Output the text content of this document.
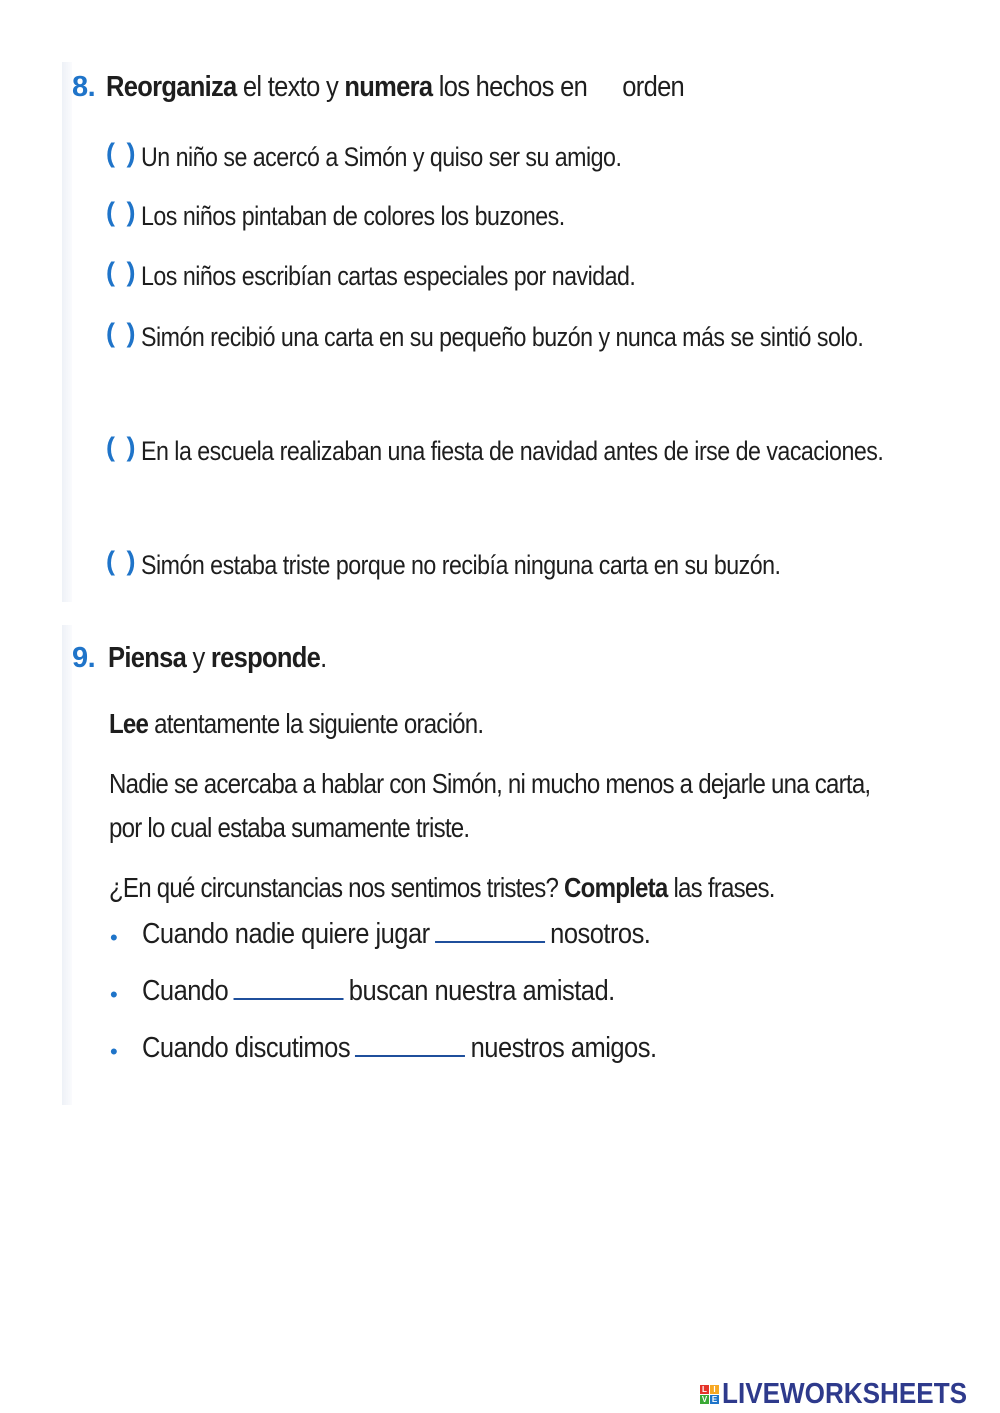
8. Reorganiza el texto y numera los hechos en orden
( ) Un niño se acercó a Simón y quiso ser su amigo.
( ) Los niños pintaban de colores los buzones.
( ) Los niños escribían cartas especiales por navidad.
( ) Simón recibió una carta en su pequeño buzón y nunca más se sintió solo.
( ) En la escuela realizaban una fiesta de navidad antes de irse de vacaciones.
( ) Simón estaba triste porque no recibía ninguna carta en su buzón.
9. Piensa y responde.
Lee atentamente la siguiente oración.
Nadie se acercaba a hablar con Simón, ni mucho menos a dejarle una carta,
por lo cual estaba sumamente triste.
¿En qué circunstancias nos sentimos tristes? Completa las frases.
• Cuando nadie quiere jugar	nosotros.
• Cuando	buscan nuestra amistad.
• Cuando discutimos	nuestros amigos.
L I
V E LIVEWORKSHEETS
